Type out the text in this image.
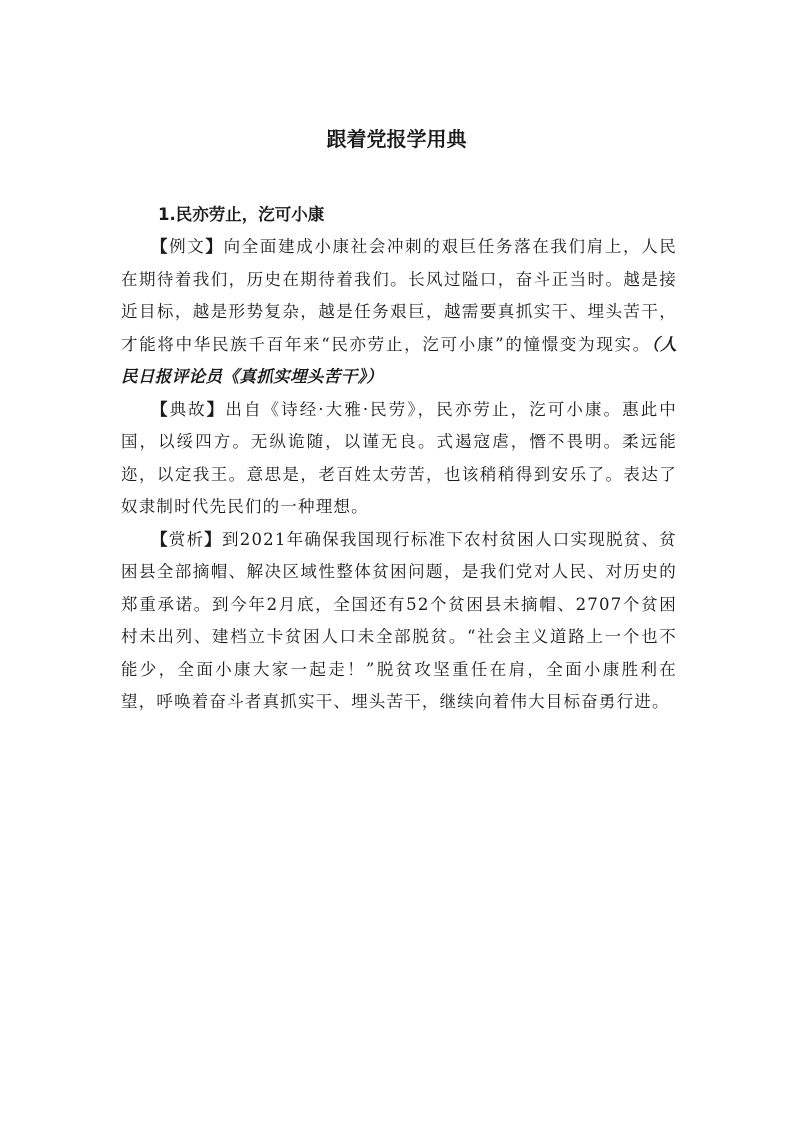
跟着党报学用典

1.民亦劳止，汔可小康

【例文】向全面建成小康社会冲刺的艰巨任务落在我们肩上，人民在期待着我们，历史在期待着我们。长风过隘口，奋斗正当时。越是接近目标，越是形势复杂，越是任务艰巨，越需要真抓实干、埋头苦干，才能将中华民族千百年来“民亦劳止，汔可小康”的憧憬变为现实。（人民日报评论员《真抓实埋头苦干》）

【典故】出自《诗经·大雅·民劳》，民亦劳止，汔可小康。惠此中国，以绥四方。无纵诡随，以谨无良。式遏寇虐，憯不畏明。柔远能迩，以定我王。意思是，老百姓太劳苦，也该稍稍得到安乐了。表达了奴隶制时代先民们的一种理想。

【赏析】到2021年确保我国现行标准下农村贫困人口实现脱贫、贫困县全部摘帽、解决区域性整体贫困问题，是我们党对人民、对历史的郑重承诺。到今年2月底，全国还有52个贫困县未摘帽、2707个贫困村未出列、建档立卡贫困人口未全部脱贫。“社会主义道路上一个也不能少，全面小康大家一起走！”脱贫攻坚重任在肩，全面小康胜利在望，呼唤着奋斗者真抓实干、埋头苦干，继续向着伟大目标奋勇行进。
